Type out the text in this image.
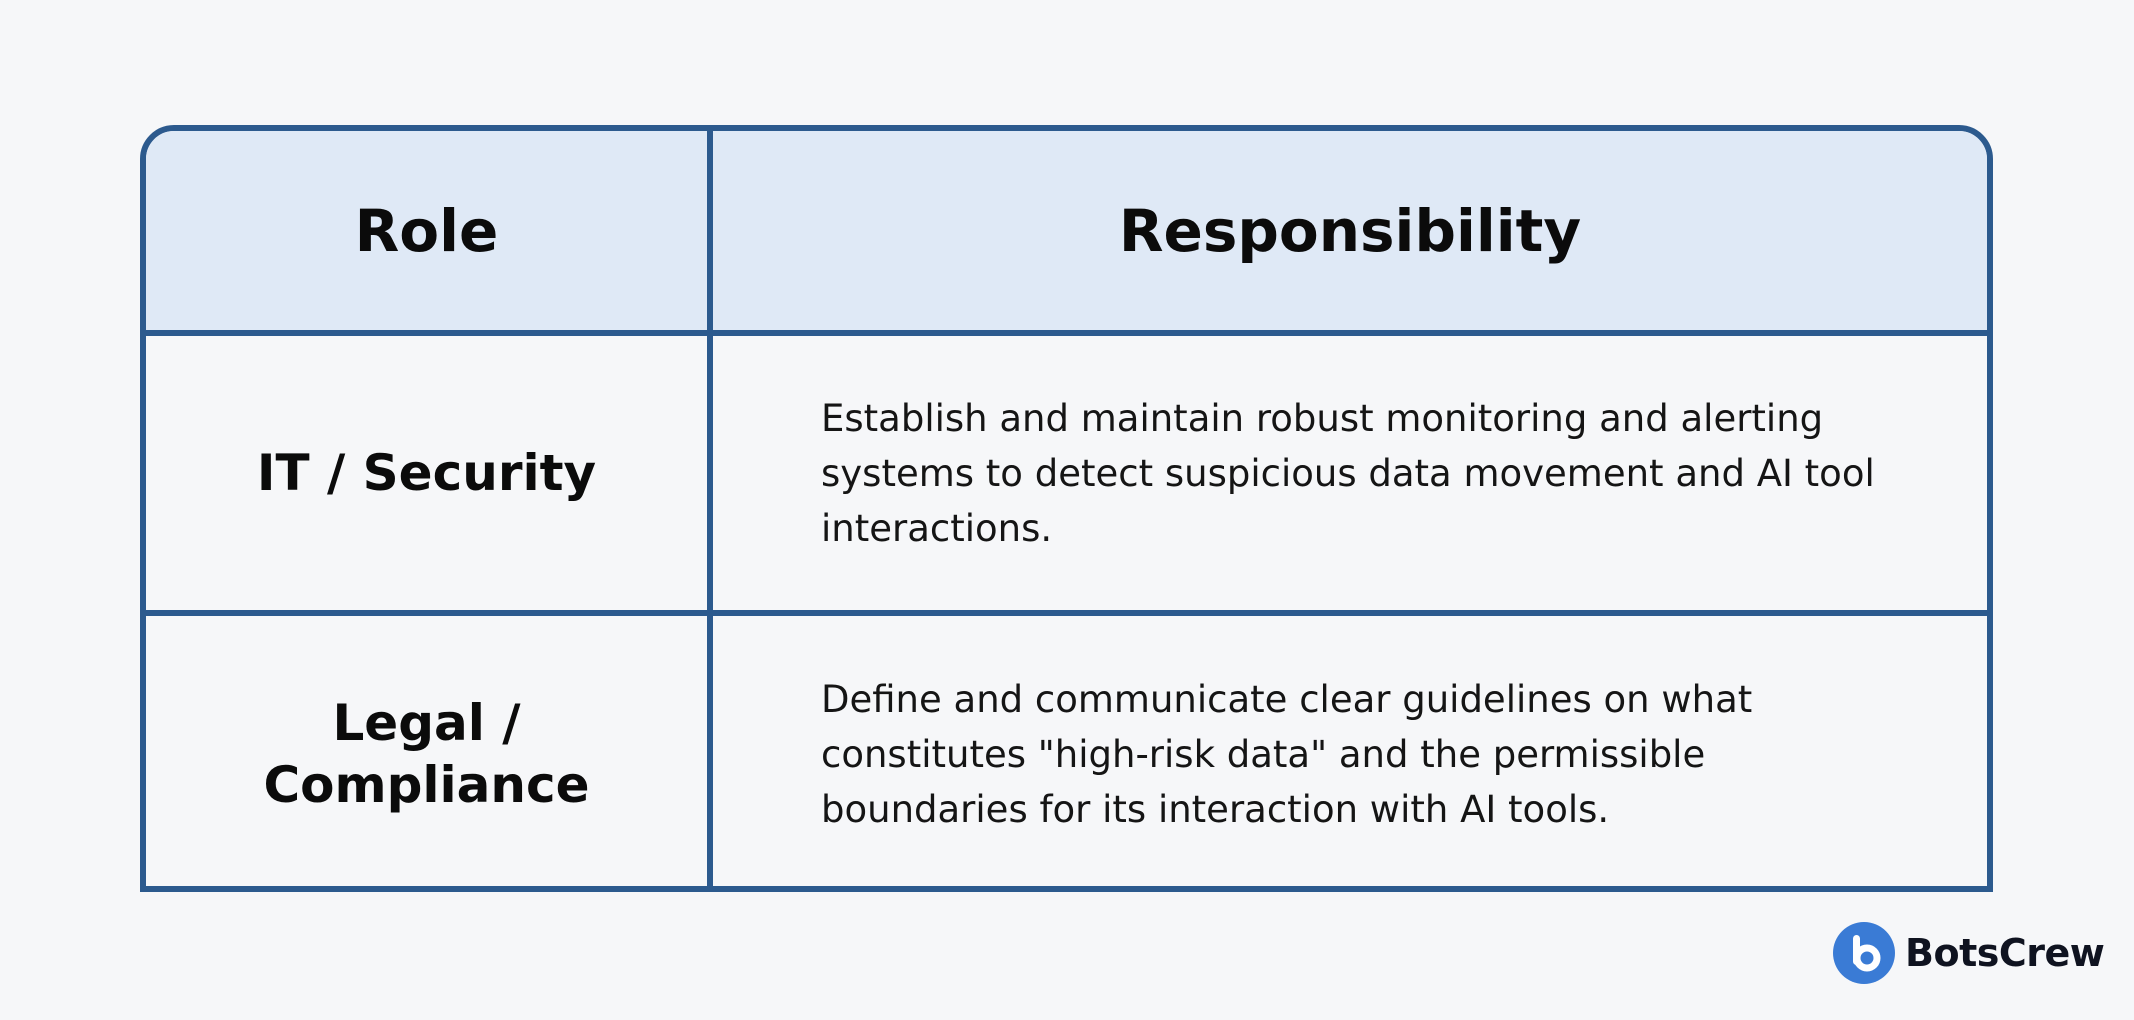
Role	Responsibility
IT / Security	Establish and maintain robust monitoring and alerting systems to detect suspicious data movement and AI tool interactions.
Legal /
Compliance	Define and communicate clear guidelines on what constitutes "high-risk data" and the permissible boundaries for its interaction with AI tools.
BotsCrew
